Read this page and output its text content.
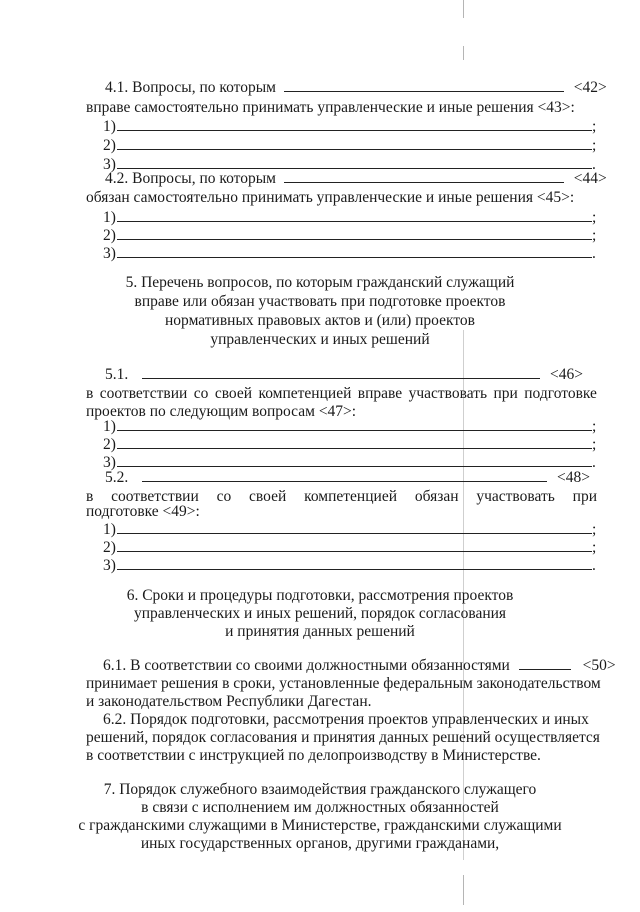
4.1. Вопросы, по которым	<42>
вправе самостоятельно принимать управленческие и иные решения <43>:
1)	;
2)	;
3)	.
4.2. Вопросы, по которым	<44>
обязан самостоятельно принимать управленческие и иные решения <45>:
1)	;
2)	;
3)	.
5. Перечень вопросов, по которым гражданский служащий
вправе или обязан участвовать при подготовке проектов
нормативных правовых актов и (или) проектов
управленческих и иных решений
5.1.	<46>
в соответствии со своей компетенцией вправе участвовать при подготовке
проектов по следующим вопросам <47>:
1)	;
2)	;
3)	.
5.2.	<48>
в соответствии со своей компетенцией обязан участвовать при
подготовке <49>:
1)	;
2)	;
3)	.
6. Сроки и процедуры подготовки, рассмотрения проектов
управленческих и иных решений, порядок согласования
и принятия данных решений
6.1. В соответствии со своими должностными обязанностями	<50>
принимает решения в сроки, установленные федеральным законодательством
и законодательством Республики Дагестан.
6.2. Порядок подготовки, рассмотрения проектов управленческих и иных
решений, порядок согласования и принятия данных решений осуществляется
в соответствии с инструкцией по делопроизводству в Министерстве.
7. Порядок служебного взаимодействия гражданского служащего
в связи с исполнением им должностных обязанностей
с гражданскими служащими в Министерстве, гражданскими служащими
иных государственных органов, другими гражданами,
